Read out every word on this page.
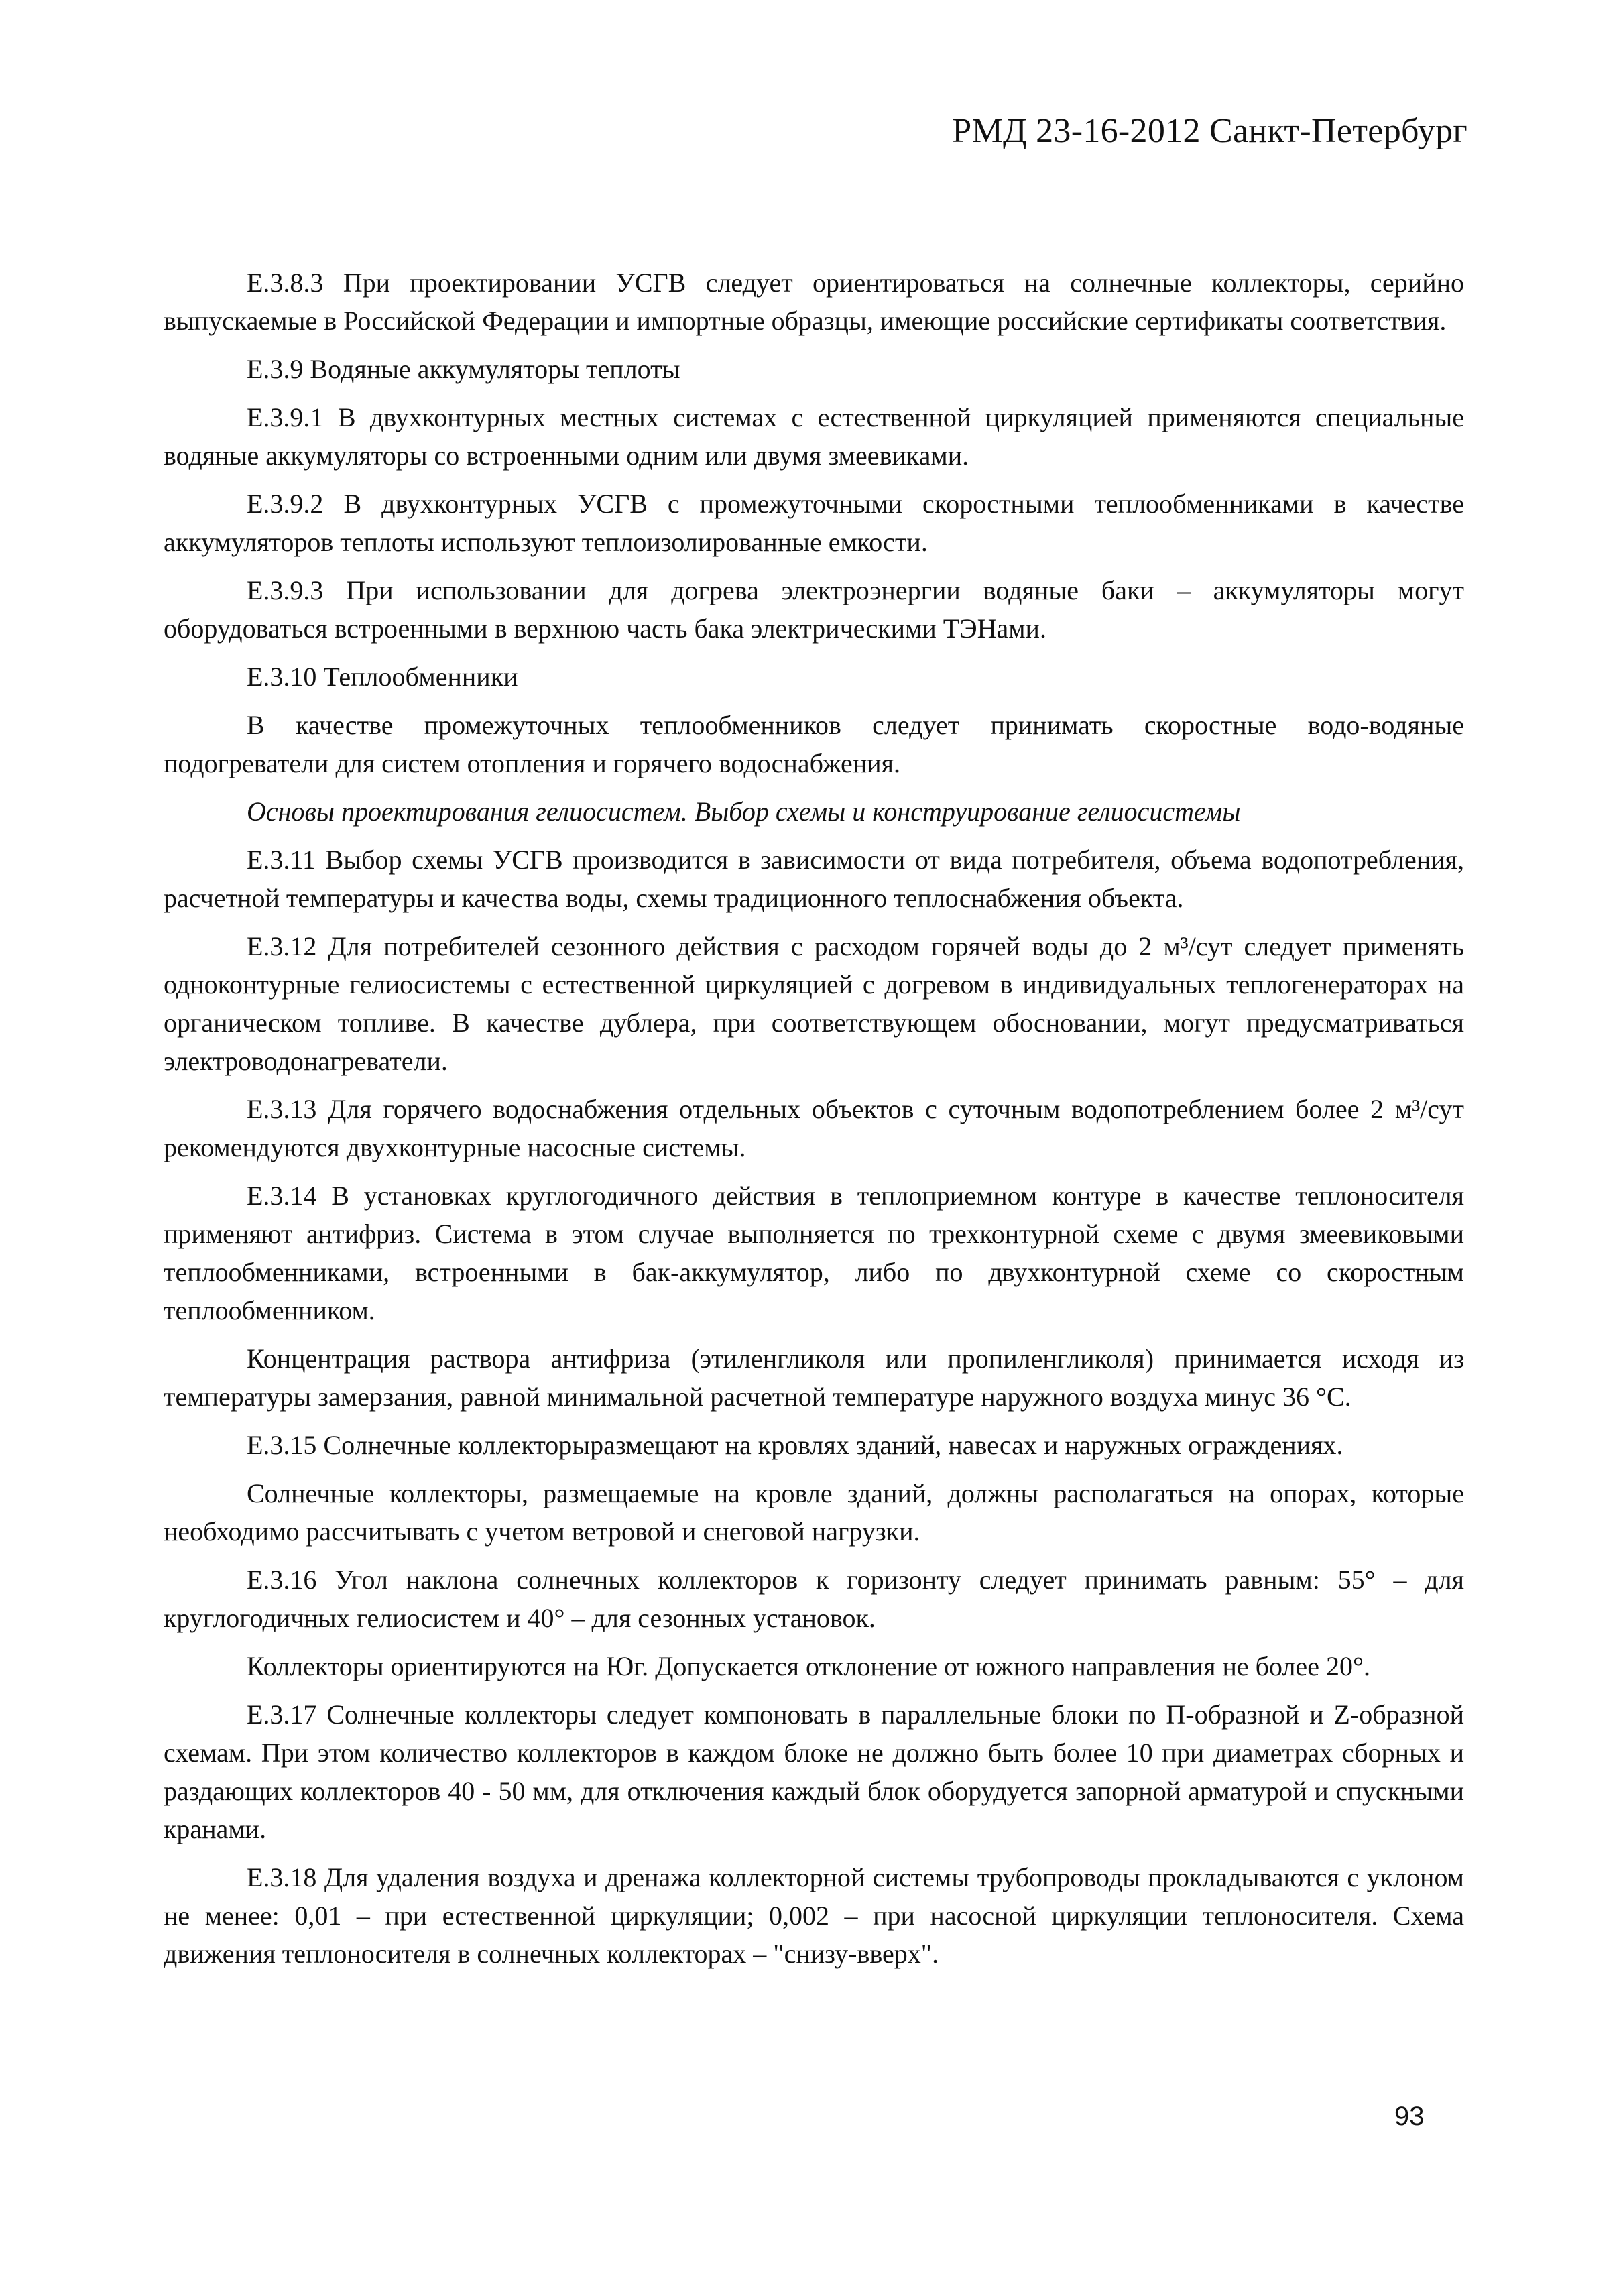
РМД 23-16-2012 Санкт-Петербург

Е.3.8.3 При проектировании УСГВ следует ориентироваться на солнечные коллекторы, серийно выпускаемые в Российской Федерации и импортные образцы, имеющие российские сертификаты соответствия.

Е.3.9 Водяные аккумуляторы теплоты

Е.3.9.1 В двухконтурных местных системах с естественной циркуляцией применяются специальные водяные аккумуляторы со встроенными одним или двумя змеевиками.

Е.3.9.2 В двухконтурных УСГВ с промежуточными скоростными теплообменниками в качестве аккумуляторов теплоты используют теплоизолированные емкости.

Е.3.9.3 При использовании для догрева электроэнергии водяные баки – аккумуляторы могут оборудоваться встроенными в верхнюю часть бака электрическими ТЭНами.

Е.3.10 Теплообменники

В качестве промежуточных теплообменников следует принимать скоростные водо-водяные подогреватели для систем отопления и горячего водоснабжения.

Основы проектирования гелиосистем. Выбор схемы и конструирование гелиосистемы

Е.3.11 Выбор схемы УСГВ производится в зависимости от вида потребителя, объема водопотребления, расчетной температуры и качества воды, схемы традиционного теплоснабжения объекта.

Е.3.12 Для потребителей сезонного действия с расходом горячей воды до 2 м³/сут следует применять одноконтурные гелиосистемы с естественной циркуляцией с догревом в индивидуальных теплогенераторах на органическом топливе. В качестве дублера, при соответствующем обосновании, могут предусматриваться электроводонагреватели.

Е.3.13 Для горячего водоснабжения отдельных объектов с суточным водопотреблением более 2 м³/сут рекомендуются двухконтурные насосные системы.

Е.3.14 В установках круглогодичного действия в теплоприемном контуре в качестве теплоносителя применяют антифриз. Система в этом случае выполняется по трехконтурной схеме с двумя змеевиковыми теплообменниками, встроенными в бак-аккумулятор, либо по двухконтурной схеме со скоростным теплообменником.

Концентрация раствора антифриза (этиленгликоля или пропиленгликоля) принимается исходя из температуры замерзания, равной минимальной расчетной температуре наружного воздуха минус 36 °С.

Е.3.15 Солнечные коллекторыразмещают на кровлях зданий, навесах и наружных ограждениях.

Солнечные коллекторы, размещаемые на кровле зданий, должны располагаться на опорах, которые необходимо рассчитывать с учетом ветровой и снеговой нагрузки.

Е.3.16 Угол наклона солнечных коллекторов к горизонту следует принимать равным: 55° – для круглогодичных гелиосистем и 40° – для сезонных установок.

Коллекторы ориентируются на Юг. Допускается отклонение от южного направления не более 20°.

Е.3.17 Солнечные коллекторы следует компоновать в параллельные блоки по П-образной и Z-образной схемам. При этом количество коллекторов в каждом блоке не должно быть более 10 при диаметрах сборных и раздающих коллекторов 40 - 50 мм, для отключения каждый блок оборудуется запорной арматурой и спускными кранами.

Е.3.18 Для удаления воздуха и дренажа коллекторной системы трубопроводы прокладываются с уклоном не менее: 0,01 – при естественной циркуляции; 0,002 – при насосной циркуляции теплоносителя. Схема движения теплоносителя в солнечных коллекторах – "снизу-вверх".

93
